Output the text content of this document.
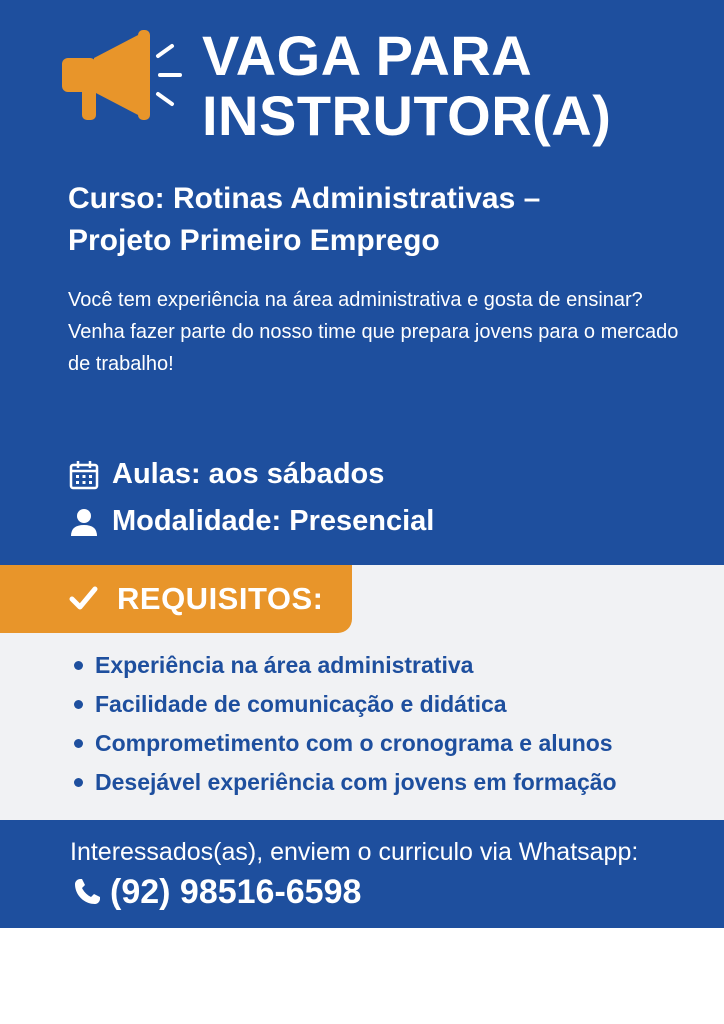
VAGA PARA
INSTRUTOR(A)
Curso: Rotinas Administrativas –
Projeto Primeiro Emprego
Você tem experiência na área administrativa e gosta de ensinar? Venha fazer parte do nosso time que prepara jovens para o mercado de trabalho!
Aulas: aos sábados
Modalidade: Presencial
REQUISITOS:
Experiência na área administrativa
Facilidade de comunicação e didática
Comprometimento com o cronograma e alunos
Desejável experiência com jovens em formação
Interessados(as), enviem o curriculo via Whatsapp:
(92) 98516-6598
